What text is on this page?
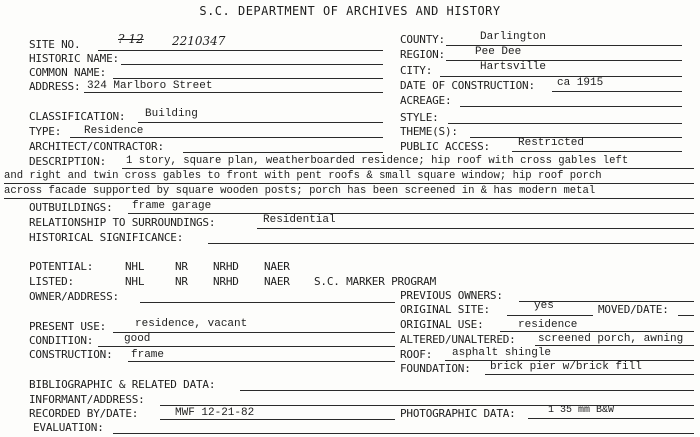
S.C. DEPARTMENT OF ARCHIVES AND HISTORY
SITE NO.	?-12 2210347
HISTORIC NAME:
COMMON NAME:
ADDRESS: 324 Marlboro Street
COUNTY:	Darlington
REGION:	Pee Dee
CITY:	Hartsville
DATE OF CONSTRUCTION: ca 1915
ACREAGE:
CLASSIFICATION: Building
TYPE: Residence
ARCHITECT/CONTRACTOR:
STYLE:
THEME(S):
PUBLIC ACCESS:	Restricted
DESCRIPTION: 1 story, square plan, weatherboarded residence; hip roof with cross gables left
and right and twin cross gables to front with pent roofs & small square window; hip roof porch
across facade supported by square wooden posts; porch has been screened in & has modern metal
OUTBUILDINGS: frame garage
RELATIONSHIP TO SURROUNDINGS:	Residential
HISTORICAL SIGNIFICANCE:
POTENTIAL:	NHL	NR NRHD NAER
LISTED:	NHL	NR NRHD NAER S.C. MARKER PROGRAM
OWNER/ADDRESS:	PREVIOUS OWNERS:
ORIGINAL SITE:	yes	MOVED/DATE:
PRESENT USE:	residence, vacant	ORIGINAL USE:	residence
CONDITION:	good	ALTERED/UNALTERED: screened porch, awning
CONSTRUCTION: frame	ROOF: asphalt shingle
FOUNDATION: brick pier w/brick fill
BIBLIOGRAPHIC & RELATED DATA:
INFORMANT/ADDRESS:
RECORDED BY/DATE:	MWF 12-21-82	PHOTOGRAPHIC DATA:	1 35 mm B&W
EVALUATION:
